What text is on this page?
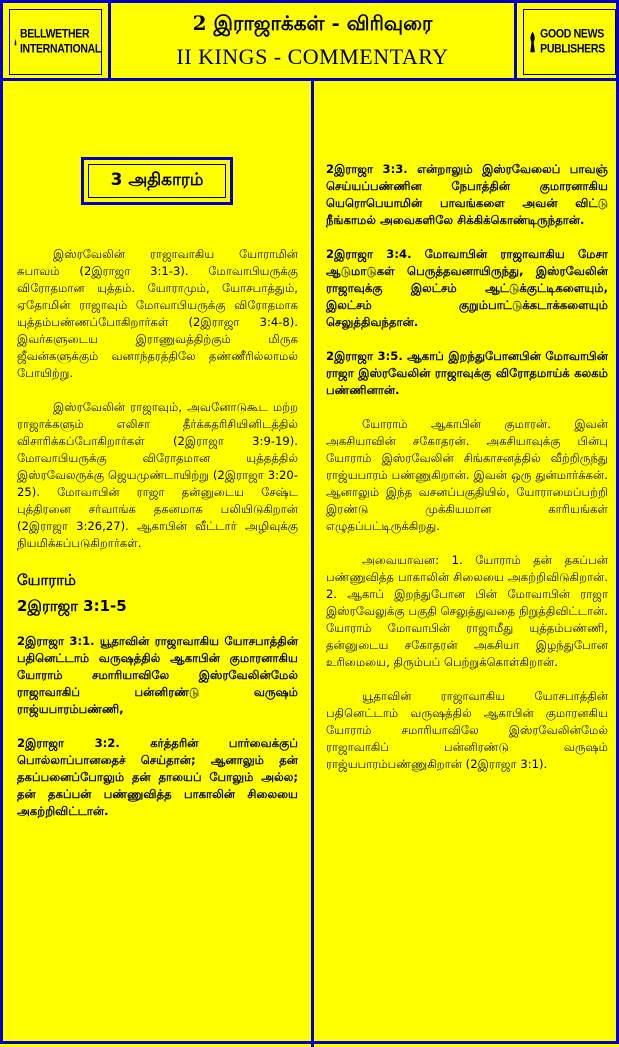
BELLWETHER INTERNATIONAL
2 இராஜாக்கள் - விரிவுரை
II KINGS - COMMENTARY
GOOD NEWS PUBLISHERS
3 அதிகாரம்

இஸ்ரவேலின் ராஜாவாகிய யோராமின் சுபாவம் (2இராஜா 3:1-3). மோவாபியருக்கு விரோதமான யுத்தம். யோராமும், யோசபாத்தும், ஏதோமின் ராஜாவும் மோவாபியருக்கு விரோதமாக யுத்தம்பண்ணப்போகிறார்கள் (2இராஜா 3:4-8). இவர்களுடைய இராணுவத்திற்கும் மிருக ஜீவன்களுக்கும் வனாந்தரத்திலே தண்ணீரில்லாமல் போயிற்று.

இஸ்ரவேலின் ராஜாவும், அவனோடுகூட மற்ற ராஜாக்களும் எலிசா தீர்க்கதரிசியினிடத்தில் விசாரிக்கப்போகிறார்கள் (2இராஜா 3:9-19). மோவாபியருக்கு விரோதமான யுத்தத்தில் இஸ்ரவேலருக்கு ஜெயமுண்டாயிற்று (2இராஜா 3:20-25). மோவாபின் ராஜா தன்னுடைய சேஷ்ட புத்திரனை சர்வாங்க தகனமாக பலியிடுகிறான் (2இராஜா 3:26,27). ஆகாபின் வீட்டார் அழிவுக்கு நியமிக்கப்படுகிறார்கள்.

யோராம்

2இராஜா 3:1-5

2இராஜா 3:1. யூதாவின் ராஜாவாகிய யோசபாத்தின் பதினெட்டாம் வருஷத்தில் ஆகாபின் குமாரனாகிய யோராம் சமாரியாவிலே இஸ்ரவேலின்மேல் ராஜாவாகிப் பன்னிரண்டு வருஷம் ராஜ்யபாரம்பண்ணி,

2இராஜா 3:2. கர்த்தரின் பார்வைக்குப் பொல்லாப்பானதைச் செய்தான்; ஆனாலும் தன் தகப்பனைப்போலும் தன் தாயைப் போலும் அல்ல; தன் தகப்பன் பண்ணுவித்த பாகாலின் சிலையை அகற்றிவிட்டான்.

2இராஜா 3:3. என்றாலும் இஸ்ரவேலைப் பாவஞ் செய்யப்பண்ணின நேபாத்தின் குமாரனாகிய யெரொபெயாமின் பாவங்களை அவன் விட்டு நீங்காமல் அவைகளிலே சிக்கிக்கொண்டிருந்தான்.

2இராஜா 3:4. மோவாபின் ராஜாவாகிய மேசா ஆடுமாடுகள் பெருத்தவனாயிருந்து, இஸ்ரவேலின் ராஜாவுக்கு இலட்சம் ஆட்டுக்குட்டிகளையும், இலட்சம் குறும்பாட்டுக்கடாக்களையும் செலுத்திவந்தான்.

2இராஜா 3:5. ஆகாப் இறந்துபோனபின் மோவாபின் ராஜா இஸ்ரவேலின் ராஜாவுக்கு விரோதமாய்க் கலகம் பண்ணினான்.

யோராம் ஆகாபின் குமாரன். இவன் அகசியாவின் சகோதரன். அகசியாவுக்கு பின்பு யோராம் இஸ்ரவேலின் சிங்காசனத்தில் வீற்றிருந்து ராஜ்யபாரம் பண்ணுகிறான். இவன் ஒரு துன்மார்க்கன். ஆனாலும் இந்த வசனப்பகுதியில், யோராமைப்பற்றி இரண்டு முக்கியமான காரியங்கள் எழுதப்பட்டிருக்கிறது.

அவையாவன: 1. யோராம் தன் தகப்பன் பண்ணுவித்த பாகாலின் சிலையை அகற்றிவிடுகிறான். 2. ஆகாப் இறந்துபோன பின் மோவாபின் ராஜா இஸ்ரவேலுக்கு பகுதி செலுத்துவதை நிறுத்திவிட்டான். யோராம் மோவாபின் ராஜாமீது யுத்தம்பண்ணி, தன்னுடைய சகோதரன் அகசியா இழந்துபோன உரிமையை, திரும்பப் பெற்றுக்கொள்கிறான்.

யூதாவின் ராஜாவாகிய யோசபாத்தின் பதினெட்டாம் வருஷத்தில் ஆகாபின் குமாரனகிய யோராம் சமாரியாவிலே இஸ்ரவேலின்மேல் ராஜாவாகிப் பன்னிரண்டு வருஷம் ராஜ்யபாரம்பண்ணுகிறான் (2இராஜா 3:1).
